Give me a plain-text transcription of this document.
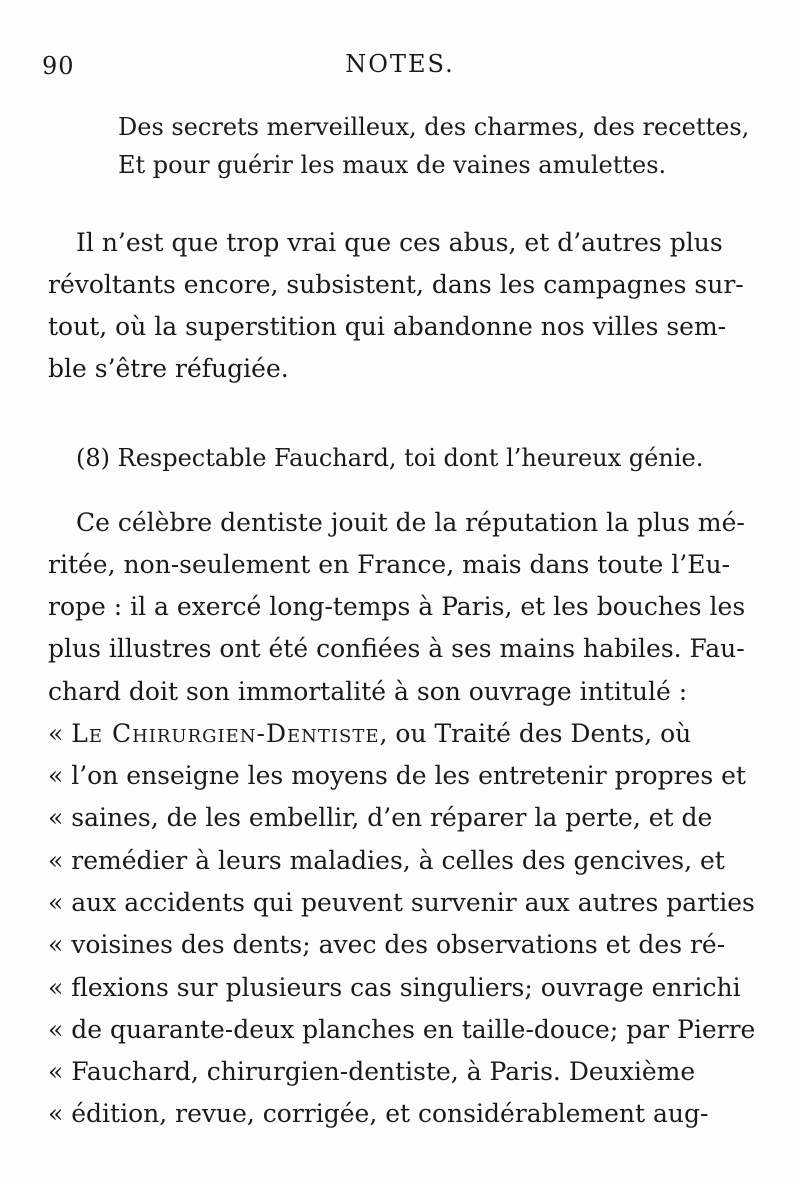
90	NOTES.
Des secrets merveilleux, des charmes, des recettes,
Et pour guérir les maux de vaines amulettes.
Il n’est que trop vrai que ces abus, et d’autres plus
révoltants encore, subsistent, dans les campagnes sur-
tout, où la superstition qui abandonne nos villes sem-
ble s’être réfugiée.
(8) Respectable Fauchard, toi dont l’heureux génie.
Ce célèbre dentiste jouit de la réputation la plus mé-
ritée, non-seulement en France, mais dans toute l’Eu-
rope : il a exercé long-temps à Paris, et les bouches les
plus illustres ont été confiées à ses mains habiles. Fau-
chard doit son immortalité à son ouvrage intitulé :
« Le Chirurgien-Dentiste, ou Traité des Dents, où
« l’on enseigne les moyens de les entretenir propres et
« saines, de les embellir, d’en réparer la perte, et de
« remédier à leurs maladies, à celles des gencives, et
« aux accidents qui peuvent survenir aux autres parties
« voisines des dents; avec des observations et des ré-
« flexions sur plusieurs cas singuliers; ouvrage enrichi
« de quarante-deux planches en taille-douce; par Pierre
« Fauchard, chirurgien-dentiste, à Paris. Deuxième
« édition, revue, corrigée, et considérablement aug-
